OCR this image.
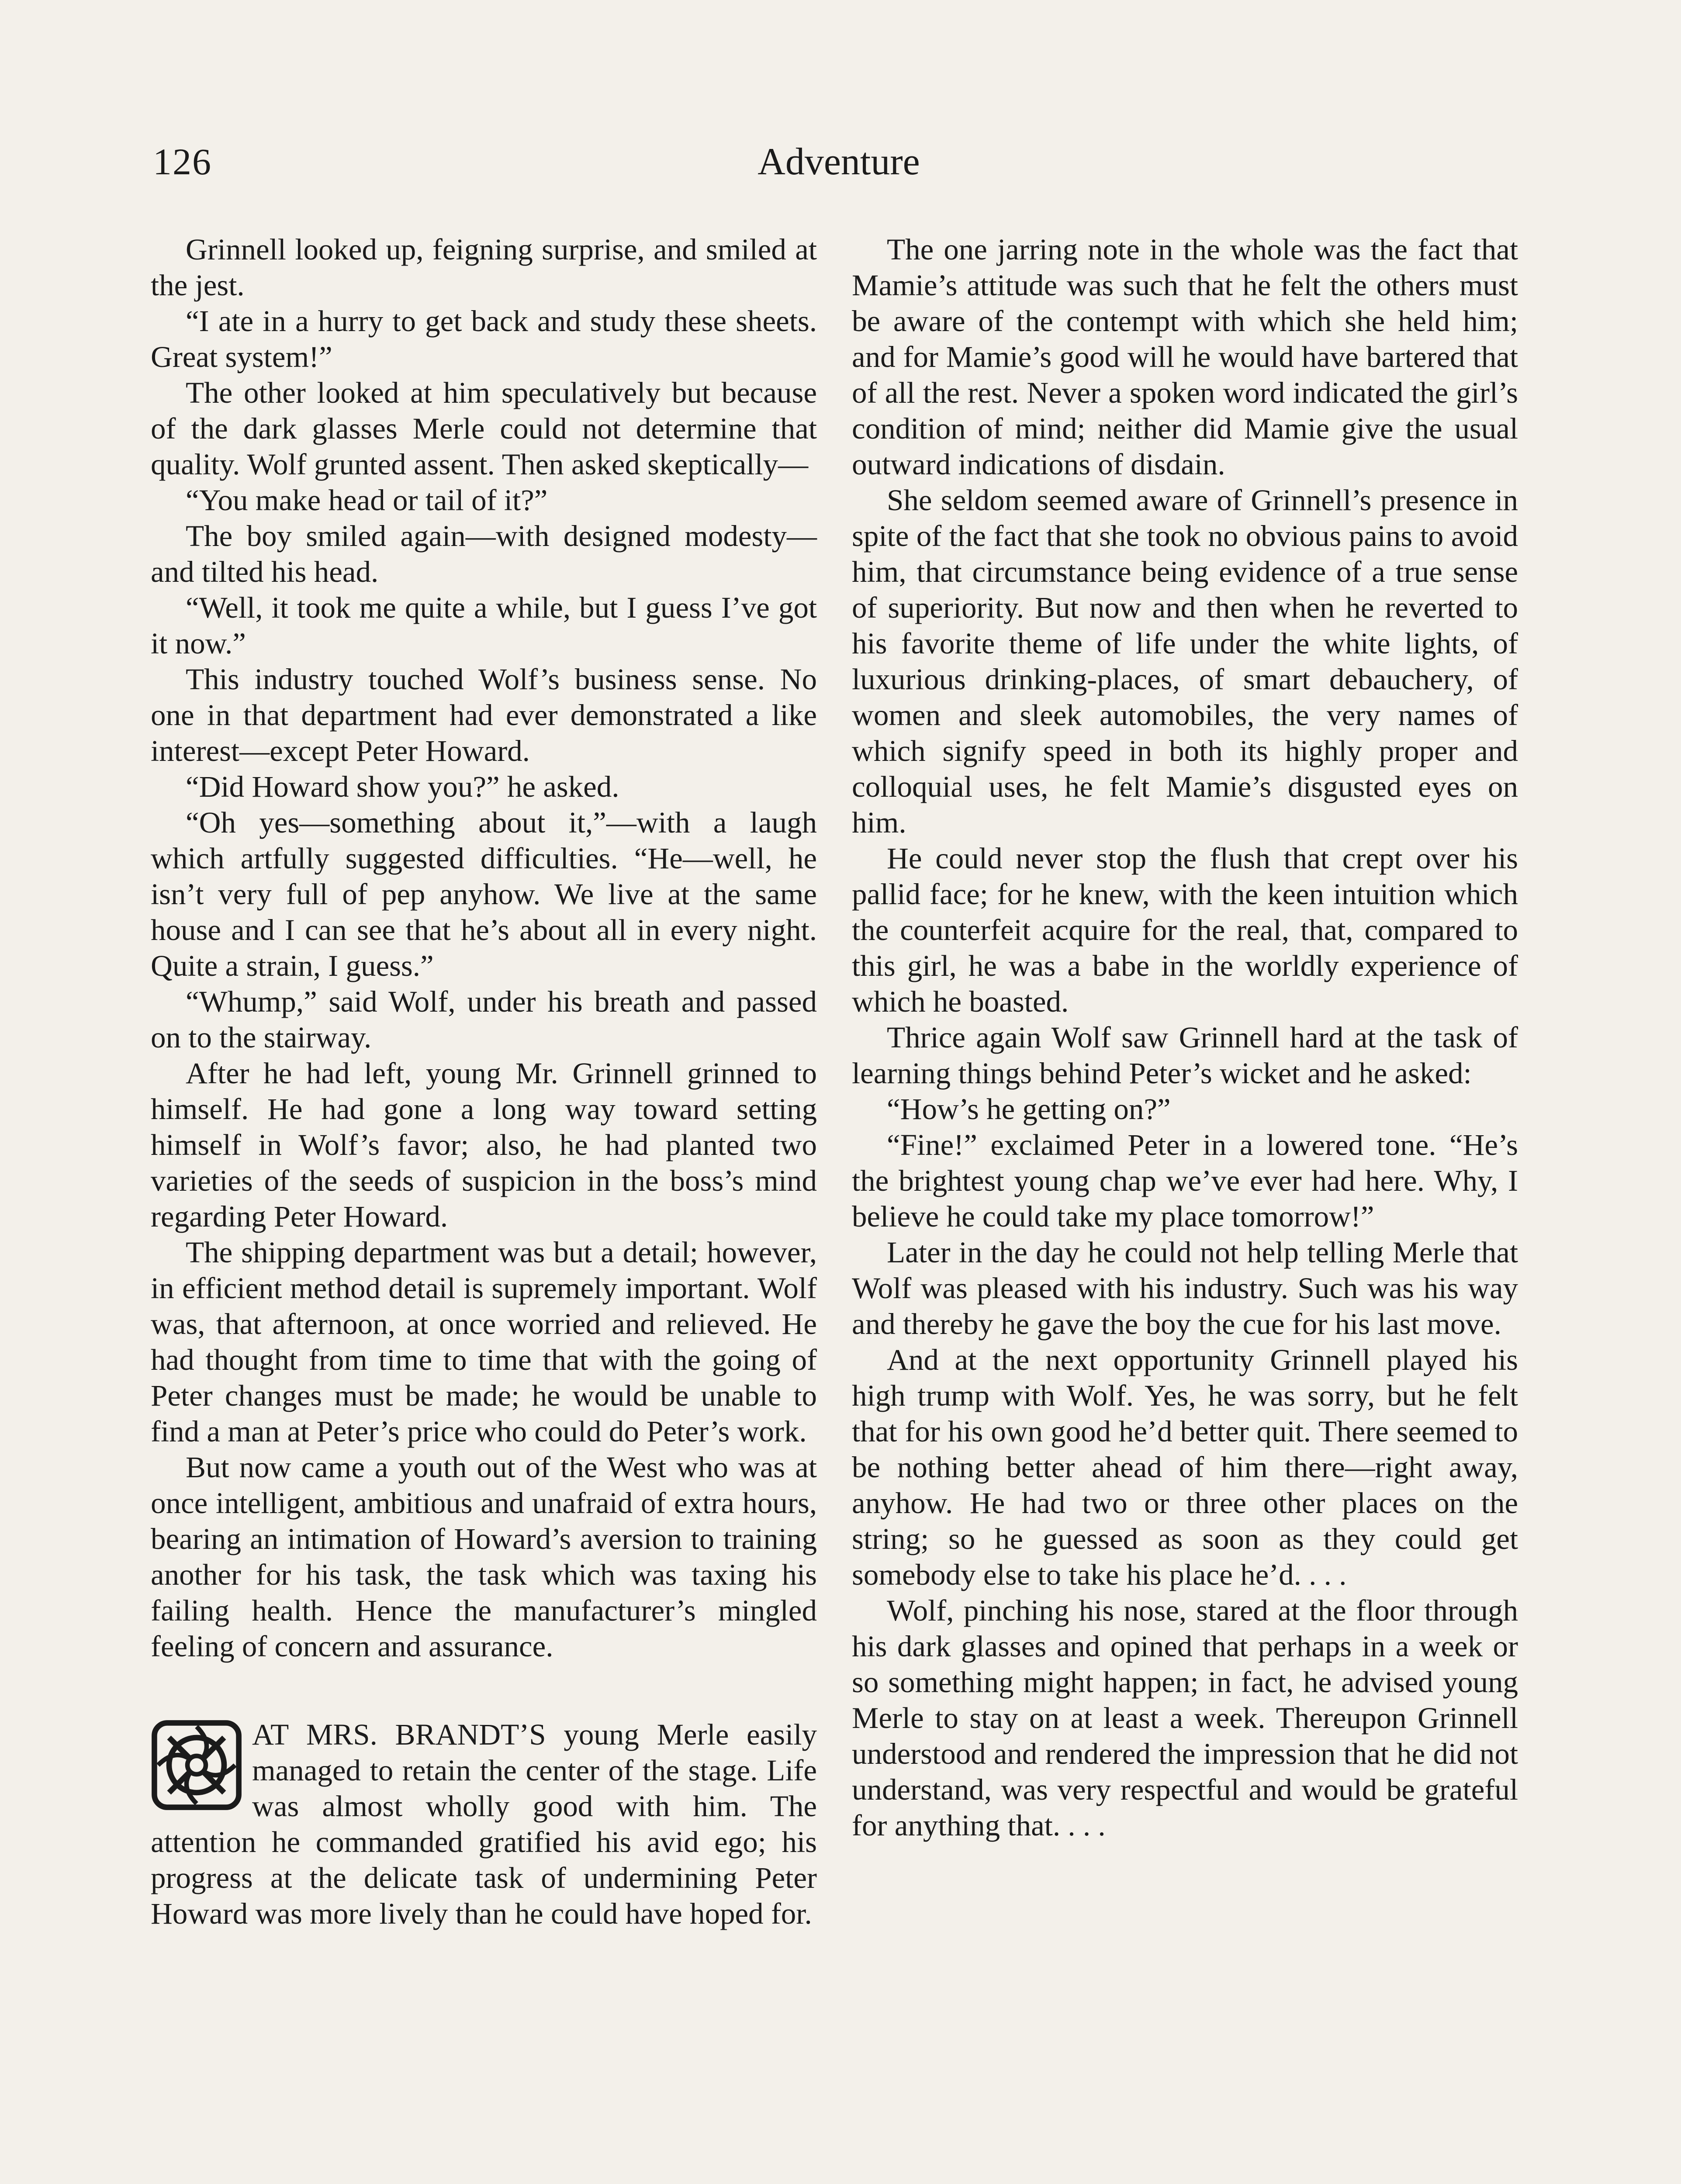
126	Adventure

Grinnell looked up, feigning surprise, and smiled at the jest.

“I ate in a hurry to get back and study these sheets. Great system!”

The other looked at him speculatively but because of the dark glasses Merle could not determine that quality. Wolf grunted assent. Then asked skeptically—

“You make head or tail of it?”

The boy smiled again—with designed modesty—and tilted his head.

“Well, it took me quite a while, but I guess I’ve got it now.”

This industry touched Wolf’s business sense. No one in that department had ever demonstrated a like interest—except Peter Howard.

“Did Howard show you?” he asked.

“Oh yes—something about it,”—with a laugh which artfully suggested difficulties. “He—well, he isn’t very full of pep anyhow. We live at the same house and I can see that he’s about all in every night. Quite a strain, I guess.”

“Whump,” said Wolf, under his breath and passed on to the stairway.

After he had left, young Mr. Grinnell grinned to himself. He had gone a long way toward setting himself in Wolf’s favor; also, he had planted two varieties of the seeds of suspicion in the boss’s mind regarding Peter Howard.

The shipping department was but a detail; however, in efficient method detail is supremely important. Wolf was, that afternoon, at once worried and relieved. He had thought from time to time that with the going of Peter changes must be made; he would be unable to find a man at Peter’s price who could do Peter’s work.

But now came a youth out of the West who was at once intelligent, ambitious and unafraid of extra hours, bearing an intimation of Howard’s aversion to training another for his task, the task which was taxing his failing health. Hence the manufacturer’s mingled feeling of concern and assurance.

AT MRS. BRANDT’S young Merle easily managed to retain the center of the stage. Life was almost wholly good with him. The attention he commanded gratified his avid ego; his progress at the delicate task of undermining Peter Howard was more lively than he could have hoped for.

The one jarring note in the whole was the fact that Mamie’s attitude was such that he felt the others must be aware of the contempt with which she held him; and for Mamie’s good will he would have bartered that of all the rest. Never a spoken word indicated the girl’s condition of mind; neither did Mamie give the usual outward indications of disdain.

She seldom seemed aware of Grinnell’s presence in spite of the fact that she took no obvious pains to avoid him, that circumstance being evidence of a true sense of superiority. But now and then when he reverted to his favorite theme of life under the white lights, of luxurious drinking-places, of smart debauchery, of women and sleek automobiles, the very names of which signify speed in both its highly proper and colloquial uses, he felt Mamie’s disgusted eyes on him.

He could never stop the flush that crept over his pallid face; for he knew, with the keen intuition which the counterfeit acquire for the real, that, compared to this girl, he was a babe in the worldly experience of which he boasted.

Thrice again Wolf saw Grinnell hard at the task of learning things behind Peter’s wicket and he asked:

“How’s he getting on?”

“Fine!” exclaimed Peter in a lowered tone. “He’s the brightest young chap we’ve ever had here. Why, I believe he could take my place tomorrow!”

Later in the day he could not help telling Merle that Wolf was pleased with his industry. Such was his way and thereby he gave the boy the cue for his last move.

And at the next opportunity Grinnell played his high trump with Wolf. Yes, he was sorry, but he felt that for his own good he’d better quit. There seemed to be nothing better ahead of him there—right away, anyhow. He had two or three other places on the string; so he guessed as soon as they could get somebody else to take his place he’d. . . .

Wolf, pinching his nose, stared at the floor through his dark glasses and opined that perhaps in a week or so something might happen; in fact, he advised young Merle to stay on at least a week. Thereupon Grinnell understood and rendered the impression that he did not understand, was very respectful and would be grateful for anything that. . . .
